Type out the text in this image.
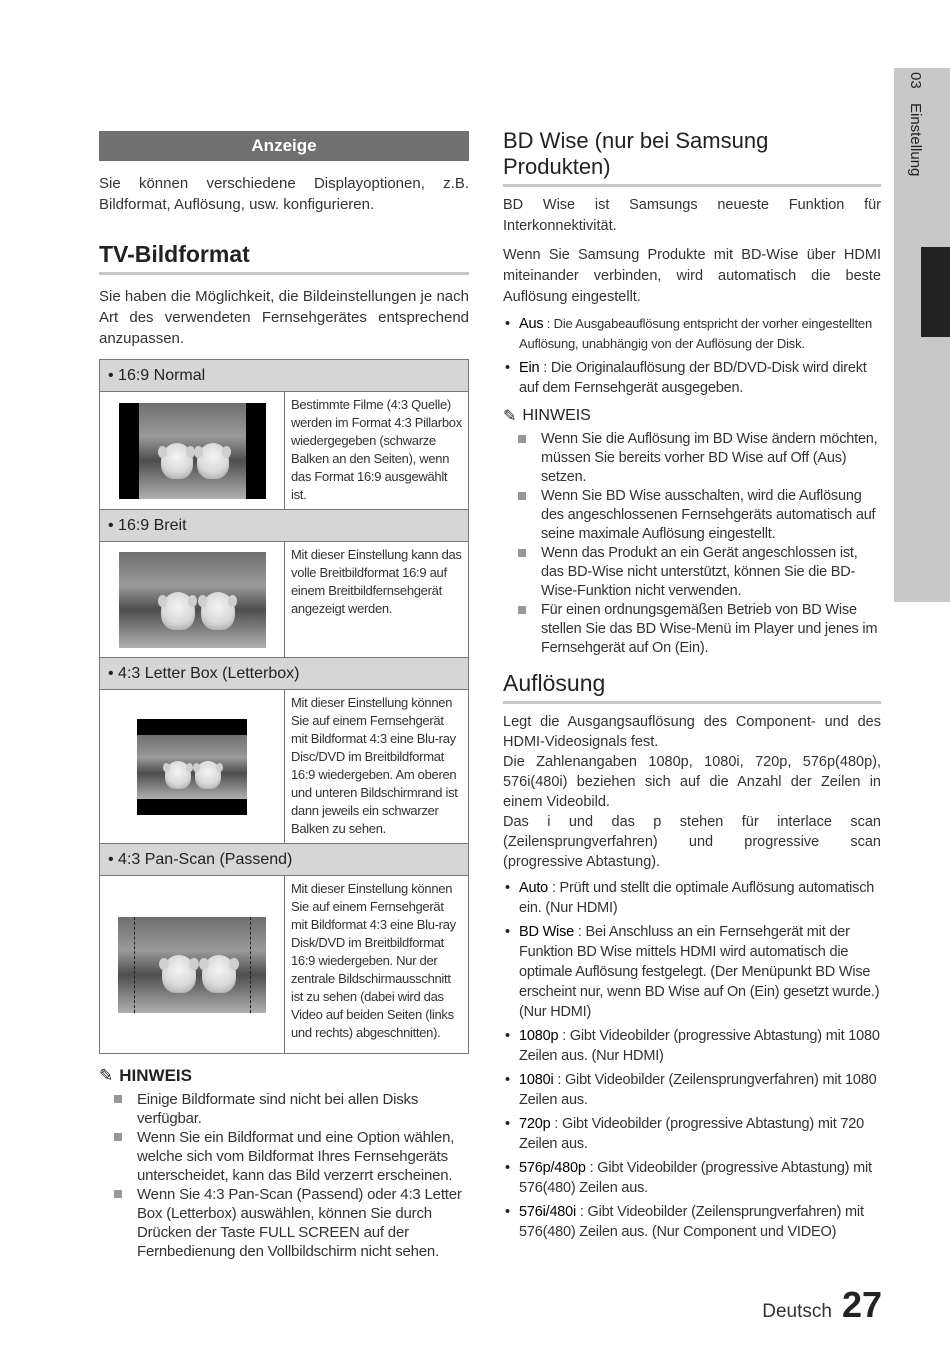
03
Einstellung
Anzeige

Sie können verschiedene Displayoptionen, z.B. Bildformat, Auflösung, usw. konfigurieren.

TV-Bildformat

Sie haben die Möglichkeit, die Bildeinstellungen je nach Art des verwendeten Fernsehgerätes entsprechend anzupassen.

• 16:9 Normal
Bestimmte Filme (4:3 Quelle) werden im Format 4:3 Pillarbox wiedergegeben (schwarze Balken an den Seiten), wenn das Format 16:9 ausgewählt ist.
• 16:9 Breit
Mit dieser Einstellung kann das volle Breitbildformat 16:9 auf einem Breitbildfernsehgerät angezeigt werden.
• 4:3 Letter Box (Letterbox)
Mit dieser Einstellung können Sie auf einem Fernsehgerät mit Bildformat 4:3 eine Blu-ray Disc/DVD im Breitbildformat 16:9 wiedergeben. Am oberen und unteren Bildschirmrand ist dann jeweils ein schwarzer Balken zu sehen.
• 4:3 Pan-Scan (Passend)
Mit dieser Einstellung können Sie auf einem Fernsehgerät mit Bildformat 4:3 eine Blu-ray Disk/DVD im Breitbildformat 16:9 wiedergeben. Nur der zentrale Bildschirmausschnitt ist zu sehen (dabei wird das Video auf beiden Seiten (links und rechts) abgeschnitten).
✎ HINWEIS
Einige Bildformate sind nicht bei allen Disks verfügbar.
Wenn Sie ein Bildformat und eine Option wählen, welche sich vom Bildformat Ihres Fernsehgeräts unterscheidet, kann das Bild verzerrt erscheinen.
Wenn Sie 4:3 Pan-Scan (Passend) oder 4:3 Letter Box (Letterbox) auswählen, können Sie durch Drücken der Taste FULL SCREEN auf der Fernbedienung den Vollbildschirm nicht sehen.
BD Wise (nur bei Samsung Produkten)

BD Wise ist Samsungs neueste Funktion für Interkonnektivität.

Wenn Sie Samsung Produkte mit BD-Wise über HDMI miteinander verbinden, wird automatisch die beste Auflösung eingestellt.

• Aus : Die Ausgabeauflösung entspricht der vorher eingestellten Auflösung, unabhängig von der Auflösung der Disk.
• Ein : Die Originalauflösung der BD/DVD-Disk wird direkt auf dem Fernsehgerät ausgegeben.
✎ HINWEIS
Wenn Sie die Auflösung im BD Wise ändern möchten, müssen Sie bereits vorher BD Wise auf Off (Aus) setzen.
Wenn Sie BD Wise ausschalten, wird die Auflösung des angeschlossenen Fernsehgeräts automatisch auf seine maximale Auflösung eingestellt.
Wenn das Produkt an ein Gerät angeschlossen ist, das BD-Wise nicht unterstützt, können Sie die BD-Wise-Funktion nicht verwenden.
Für einen ordnungsgemäßen Betrieb von BD Wise stellen Sie das BD Wise-Menü im Player und jenes im Fernsehgerät auf On (Ein).
Auflösung

Legt die Ausgangsauflösung des Component- und des HDMI-Videosignals fest.

Die Zahlenangaben 1080p, 1080i, 720p, 576p(480p), 576i(480i) beziehen sich auf die Anzahl der Zeilen in einem Videobild.

Das i und das p stehen für interlace scan (Zeilensprungverfahren) und progressive scan (progressive Abtastung).

• Auto : Prüft und stellt die optimale Auflösung automatisch ein. (Nur HDMI)
• BD Wise : Bei Anschluss an ein Fernsehgerät mit der Funktion BD Wise mittels HDMI wird automatisch die optimale Auflösung festgelegt. (Der Menüpunkt BD Wise erscheint nur, wenn BD Wise auf On (Ein) gesetzt wurde.) (Nur HDMI)
• 1080p : Gibt Videobilder (progressive Abtastung) mit 1080 Zeilen aus. (Nur HDMI)
• 1080i : Gibt Videobilder (Zeilensprungverfahren) mit 1080 Zeilen aus.
• 720p : Gibt Videobilder (progressive Abtastung) mit 720 Zeilen aus.
• 576p/480p : Gibt Videobilder (progressive Abtastung) mit 576(480) Zeilen aus.
• 576i/480i : Gibt Videobilder (Zeilensprungverfahren) mit 576(480) Zeilen aus. (Nur Component und VIDEO)
Deutsch 27
